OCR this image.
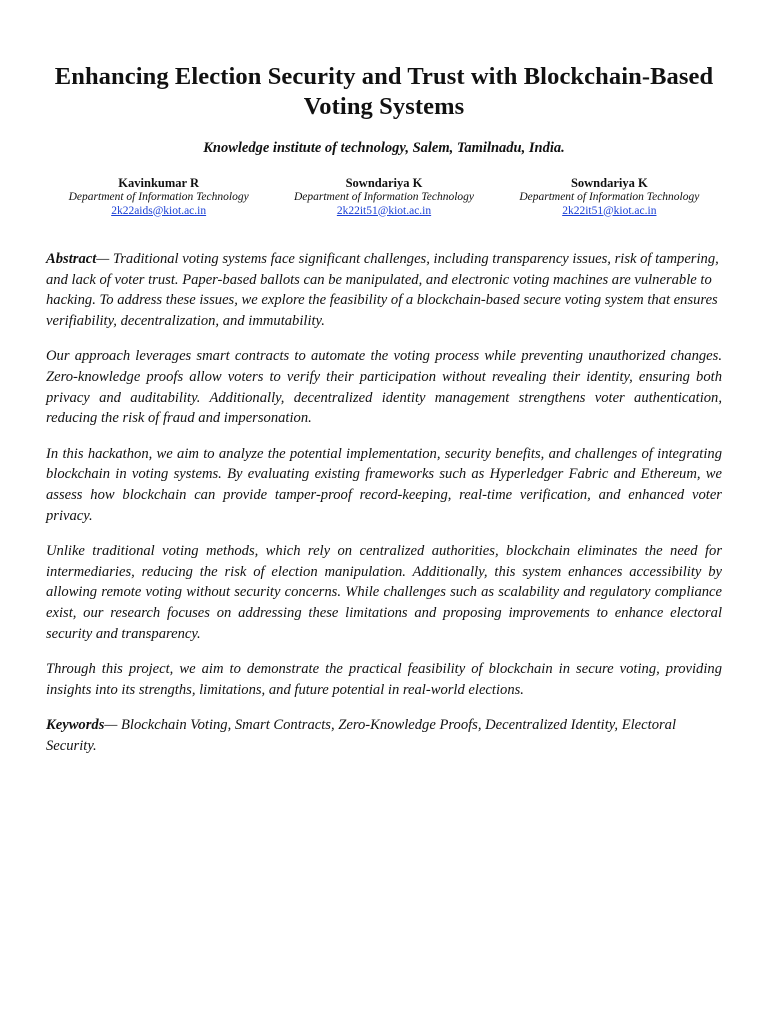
Enhancing Election Security and Trust with Blockchain-Based Voting Systems
Knowledge institute of technology, Salem, Tamilnadu, India.
Kavinkumar R
Department of Information Technology
2k22aids@kiot.ac.in
Sowndariya K
Department of Information Technology
2k22it51@kiot.ac.in
Sowndariya K
Department of Information Technology
2k22it51@kiot.ac.in

Abstract— Traditional voting systems face significant challenges, including transparency issues, risk of tampering, and lack of voter trust. Paper-based ballots can be manipulated, and electronic voting machines are vulnerable to hacking. To address these issues, we explore the feasibility of a blockchain-based secure voting system that ensures verifiability, decentralization, and immutability.

Our approach leverages smart contracts to automate the voting process while preventing unauthorized changes. Zero-knowledge proofs allow voters to verify their participation without revealing their identity, ensuring both privacy and auditability. Additionally, decentralized identity management strengthens voter authentication, reducing the risk of fraud and impersonation.

In this hackathon, we aim to analyze the potential implementation, security benefits, and challenges of integrating blockchain in voting systems. By evaluating existing frameworks such as Hyperledger Fabric and Ethereum, we assess how blockchain can provide tamper-proof record-keeping, real-time verification, and enhanced voter privacy.

Unlike traditional voting methods, which rely on centralized authorities, blockchain eliminates the need for intermediaries, reducing the risk of election manipulation. Additionally, this system enhances accessibility by allowing remote voting without security concerns. While challenges such as scalability and regulatory compliance exist, our research focuses on addressing these limitations and proposing improvements to enhance electoral security and transparency.

Through this project, we aim to demonstrate the practical feasibility of blockchain in secure voting, providing insights into its strengths, limitations, and future potential in real-world elections.

Keywords— Blockchain Voting, Smart Contracts, Zero-Knowledge Proofs, Decentralized Identity, Electoral Security.
